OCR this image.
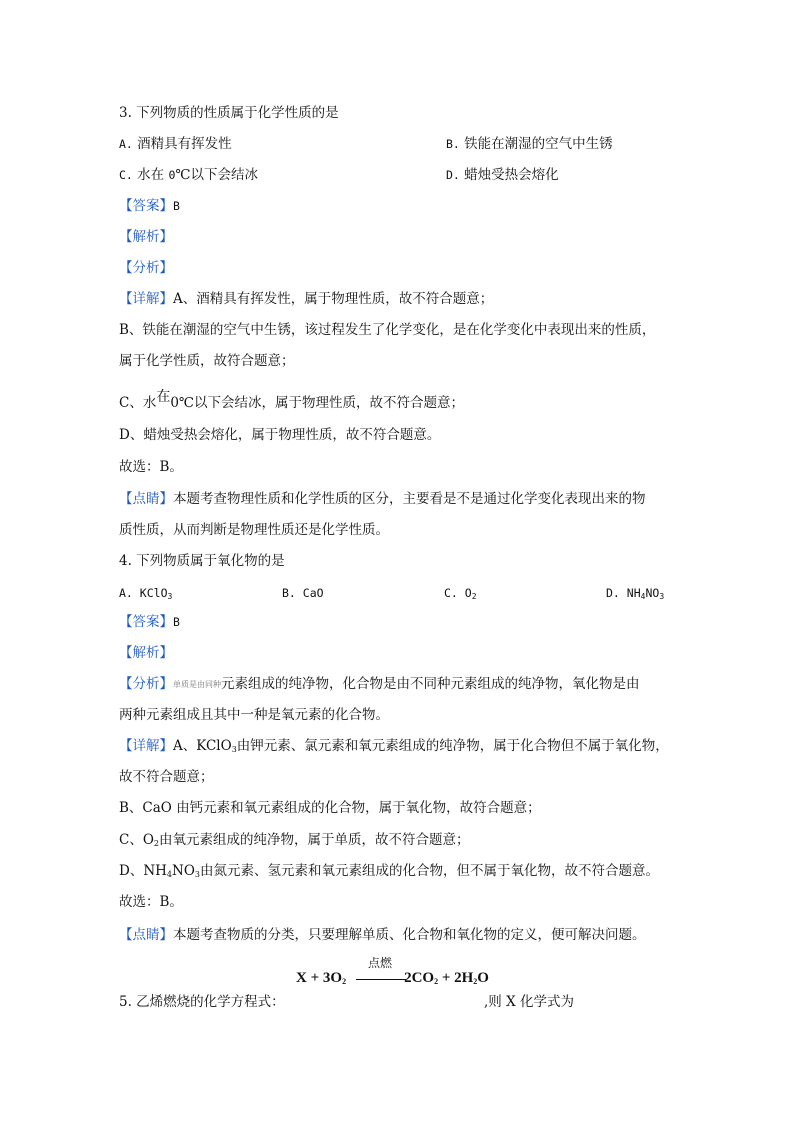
3. 下列物质的性质属于化学性质的是
A. 酒精具有挥发性	B. 铁能在潮湿的空气中生锈
C. 水在 0℃以下会结冰	D. 蜡烛受热会熔化
【答案】B
【解析】
【分析】
【详解】A、酒精具有挥发性，属于物理性质，故不符合题意；
B、铁能在潮湿的空气中生锈，该过程发生了化学变化，是在化学变化中表现出来的性质，
属于化学性质，故符合题意；
C、水在0℃以下会结冰，属于物理性质，故不符合题意；
D、蜡烛受热会熔化，属于物理性质，故不符合题意。
故选：B。
【点睛】本题考查物理性质和化学性质的区分，主要看是不是通过化学变化表现出来的物
质性质，从而判断是物理性质还是化学性质。
4. 下列物质属于氧化物的是
A. KClO$_3$	B. CaO	C. $O_2$	D. $NH_4NO_3$
【答案】B
【解析】
【分析】单质是由同种元素组成的纯净物，化合物是由不同种元素组成的纯净物，氧化物是由
两种元素组成且其中一种是氧元素的化合物。
【详解】A、KClO$_3$由钾元素、氯元素和氧元素组成的纯净物，属于化合物但不属于氧化物，
故不符合题意；
B、CaO 由钙元素和氧元素组成的化合物，属于氧化物，故符合题意；
C、$O_2$由氧元素组成的纯净物，属于单质，故不符合题意；
D、$NH_4NO_3$由氮元素、氢元素和氧元素组成的化合物，但不属于氧化物，故不符合题意。
故选：B。
【点睛】本题考查物质的分类，只要理解单质、化合物和氧化物的定义，便可解决问题。
点燃
$X + 3O_2$	$2CO_2 + 2H_2O$
5. 乙烯燃烧的化学方程式：	,则 X 化学式为
